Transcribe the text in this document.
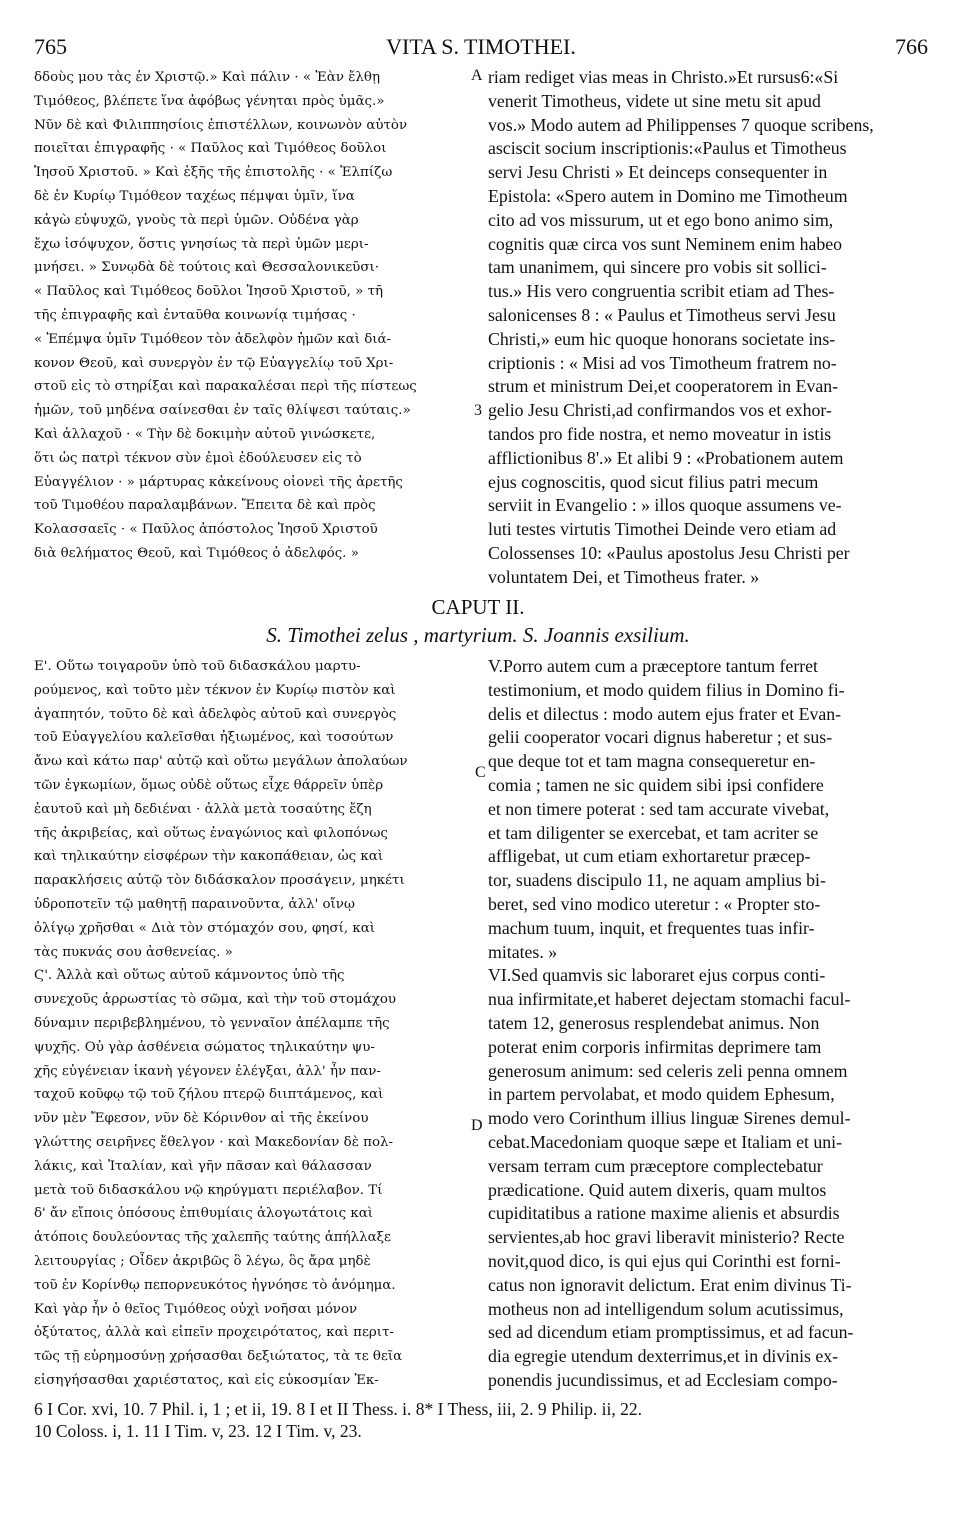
765	VITA S. TIMOTHEI.	766
δδοὺς μου τὰς ἐν Χριστῷ.» Καὶ πάλιν · « Ἐὰν ἔλθῃ
Τιμόθεος, βλέπετε ἵνα ἀφόβως γένηται πρὸς ὑμᾶς.»
Νῦν δὲ καὶ Φιλιππησίοις ἐπιστέλλων, κοινωνὸν αὐτὸν
ποιεῖται ἐπιγραφῆς · « Παῦλος καὶ Τιμόθεος δοῦλοι
Ἰησοῦ Χριστοῦ. » Καὶ ἐξῆς τῆς ἐπιστολῆς · « Ἐλπίζω
δὲ ἐν Κυρίῳ Τιμόθεον ταχέως πέμψαι ὑμῖν, ἵνα
κἀγὼ εὐψυχῶ, γνοὺς τὰ περὶ ὑμῶν. Οὐδένα γὰρ
ἔχω ἰσόψυχον, ὅστις γνησίως τὰ περὶ ὑμῶν μερι-
μνήσει. » Συνῳδὰ δὲ τούτοις καὶ Θεσσαλονικεῦσι·
« Παῦλος καὶ Τιμόθεος δοῦλοι Ἰησοῦ Χριστοῦ, » τῆ
τῆς ἐπιγραφῆς καὶ ἐνταῦθα κοινωνίᾳ τιμήσας ·
« Ἐπέμψα ὑμῖν Τιμόθεον τὸν ἀδελφὸν ἡμῶν καὶ διά-
κονον Θεοῦ, καὶ συνεργὸν ἐν τῷ Εὐαγγελίῳ τοῦ Χρι-
στοῦ εἰς τὸ στηρίξαι καὶ παρακαλέσαι περὶ τῆς πίστεως
ἡμῶν, τοῦ μηδένα σαίνεσθαι ἐν ταῖς θλίψεσι ταύταις.»
Καὶ ἀλλαχοῦ · « Τὴν δὲ δοκιμὴν αὐτοῦ γινώσκετε,
ὅτι ὡς πατρὶ τέκνον σὺν ἐμοὶ ἐδούλευσεν εἰς τὸ
Εὐαγγέλιον · » μάρτυρας κἀκείνους οἱονεὶ τῆς ἀρετῆς
τοῦ Τιμοθέου παραλαμβάνων. Ἔπειτα δὲ καὶ πρὸς
Κολασσαεῖς · « Παῦλος ἀπόστολος Ἰησοῦ Χριστοῦ
διὰ θελήματος Θεοῦ, καὶ Τιμόθεος ὁ ἀδελφός. »
riam rediget vias meas in Christo.»Et rursus6:«Si
venerit Timotheus, videte ut sine metu sit apud
vos.» Modo autem ad Philippenses 7 quoque scribens,
asciscit socium inscriptionis:«Paulus et Timotheus
servi Jesu Christi » Et deinceps consequenter in
Epistola: «Spero autem in Domino me Timotheum
cito ad vos missurum, ut et ego bono animo sim,
cognitis quæ circa vos sunt Neminem enim habeo
tam unanimem, qui sincere pro vobis sit sollici-
tus.» His vero congruentia scribit etiam ad Thes-
salonicenses 8 : « Paulus et Timotheus servi Jesu
Christi,» eum hic quoque honorans societate ins-
criptionis : « Misi ad vos Timotheum fratrem no-
strum et ministrum Dei,et cooperatorem in Evan-
gelio Jesu Christi,ad confirmandos vos et exhor-
tandos pro fide nostra, et nemo moveatur in istis
afflictionibus 8'.» Et alibi 9 : «Probationem autem
ejus cognoscitis, quod sicut filius patri mecum
serviit in Evangelio : » illos quoque assumens ve-
luti testes virtutis Timothei Deinde vero etiam ad
Colossenses 10: «Paulus apostolus Jesu Christi per
voluntatem Dei, et Timotheus frater. »
A
3
CAPUT II.
S. Timothei zelus , martyrium. S. Joannis exsilium.
Ε'. Οὕτω τοιγαροῦν ὑπὸ τοῦ διδασκάλου μαρτυ-
ρούμενος, καὶ τοῦτο μὲν τέκνον ἐν Κυρίῳ πιστὸν καὶ
ἀγαπητόν, τοῦτο δὲ καὶ ἀδελφὸς αὐτοῦ καὶ συνεργὸς
τοῦ Εὐαγγελίου καλεῖσθαι ἠξιωμένος, καὶ τοσούτων
ἄνω καὶ κάτω παρ' αὐτῷ καὶ οὕτω μεγάλων ἀπολαύων
τῶν ἐγκωμίων, ὅμως οὐδὲ οὕτως εἶχε θάρρεῖν ὑπὲρ
ἑαυτοῦ καὶ μὴ δεδιέναι · ἀλλὰ μετὰ τοσαύτης ἔζη
τῆς ἀκριβείας, καὶ οὕτως ἐναγώνιος καὶ φιλοπόνως
καὶ τηλικαύτην εἰσφέρων τὴν κακοπάθειαν, ὡς καὶ
παρακλήσεις αὐτῷ τὸν διδάσκαλον προσάγειν, μηκέτι
ὑδροποτεῖν τῷ μαθητῇ παραινοῦντα, ἀλλ' οἴνῳ
ὀλίγῳ χρῆσθαι « Διὰ τὸν στόμαχόν σου, φησί, καὶ
τὰς πυκνάς σου ἀσθενείας. »
Ϛ'. Ἀλλὰ καὶ οὕτως αὐτοῦ κάμνοντος ὑπὸ τῆς
συνεχοῦς ἀρρωστίας τὸ σῶμα, καὶ τὴν τοῦ στομάχου
δύναμιν περιβεβλημένου, τὸ γενναῖον ἀπέλαμπε τῆς
ψυχῆς. Οὐ γὰρ ἀσθένεια σώματος τηλικαύτην ψυ-
χῆς εὐγένειαν ἱκανὴ γέγονεν ἐλέγξαι, ἀλλ' ἦν παν-
ταχοῦ κοῦφῳ τῷ τοῦ ζήλου πτερῷ διιπτάμενος, καὶ
νῦν μὲν Ἔφεσον, νῦν δὲ Κόρινθον αἱ τῆς ἐκείνου
γλώττης σειρῆνες ἔθελγον · καὶ Μακεδονίαν δὲ πολ-
λάκις, καὶ Ἰταλίαν, καὶ γῆν πᾶσαν καὶ θάλασσαν
μετὰ τοῦ διδασκάλου νῷ κηρύγματι περιέλαβον. Τί
δ' ἄν εἴποις ὁπόσους ἐπιθυμίαις ἀλογωτάτοις καὶ
ἀτόποις δουλεύοντας τῆς χαλεπῆς ταύτης ἀπήλλαξε
λειτουργίας ; Οἶδεν ἀκριβῶς ὃ λέγω, ὃς ἄρα μηδὲ
τοῦ ἐν Κορίνθῳ πεπορνευκότος ἠγνόησε τὸ ἀνόμημα.
Καὶ γὰρ ἦν ὁ θεῖος Τιμόθεος οὐχὶ νοῆσαι μόνον
ὀξύτατος, ἀλλὰ καὶ εἰπεῖν προχειρότατος, καὶ περιτ-
τῶς τῇ εὐρημοσύνῃ χρήσασθαι δεξιώτατος, τὰ τε θεῖα
εἰσηγήσασθαι χαριέστατος, καὶ εἰς εὐκοσμίαν Ἐκ-
V.Porro autem cum a præceptore tantum ferret
testimonium, et modo quidem filius in Domino fi-
delis et dilectus : modo autem ejus frater et Evan-
gelii cooperator vocari dignus haberetur ; et sus-
que deque tot et tam magna consequeretur en-
comia ; tamen ne sic quidem sibi ipsi confidere
et non timere poterat : sed tam accurate vivebat,
et tam diligenter se exercebat, et tam acriter se
affligebat, ut cum etiam exhortaretur præcep-
tor, suadens discipulo 11, ne aquam amplius bi-
beret, sed vino modico uteretur : « Propter sto-
machum tuum, inquit, et frequentes tuas infir-
mitates. »
VI.Sed quamvis sic laboraret ejus corpus conti-
nua infirmitate,et haberet dejectam stomachi facul-
tatem 12, generosus resplendebat animus. Non
poterat enim corporis infirmitas deprimere tam
generosum animum: sed celeris zeli penna omnem
in partem pervolabat, et modo quidem Ephesum,
modo vero Corinthum illius linguæ Sirenes demul-
cebat.Macedoniam quoque sæpe et Italiam et uni-
versam terram cum præceptore complectebatur
prædicatione. Quid autem dixeris, quam multos
cupiditatibus a ratione maxime alienis et absurdis
servientes,ab hoc gravi liberavit ministerio? Recte
novit,quod dico, is qui ejus qui Corinthi est forni-
catus non ignoravit delictum. Erat enim divinus Ti-
motheus non ad intelligendum solum acutissimus,
sed ad dicendum etiam promptissimus, et ad facun-
dia egregie utendum dexterrimus,et in divinis ex-
ponendis jucundissimus, et ad Ecclesiam compo-
C
D
6 I Cor. xvi, 10. 7 Phil. i, 1 ; et ii, 19. 8 I et II Thess. i. 8* I Thess, iii, 2. 9 Philip. ii, 22.
10 Coloss. i, 1. 11 I Tim. v, 23. 12 I Tim. v, 23.
